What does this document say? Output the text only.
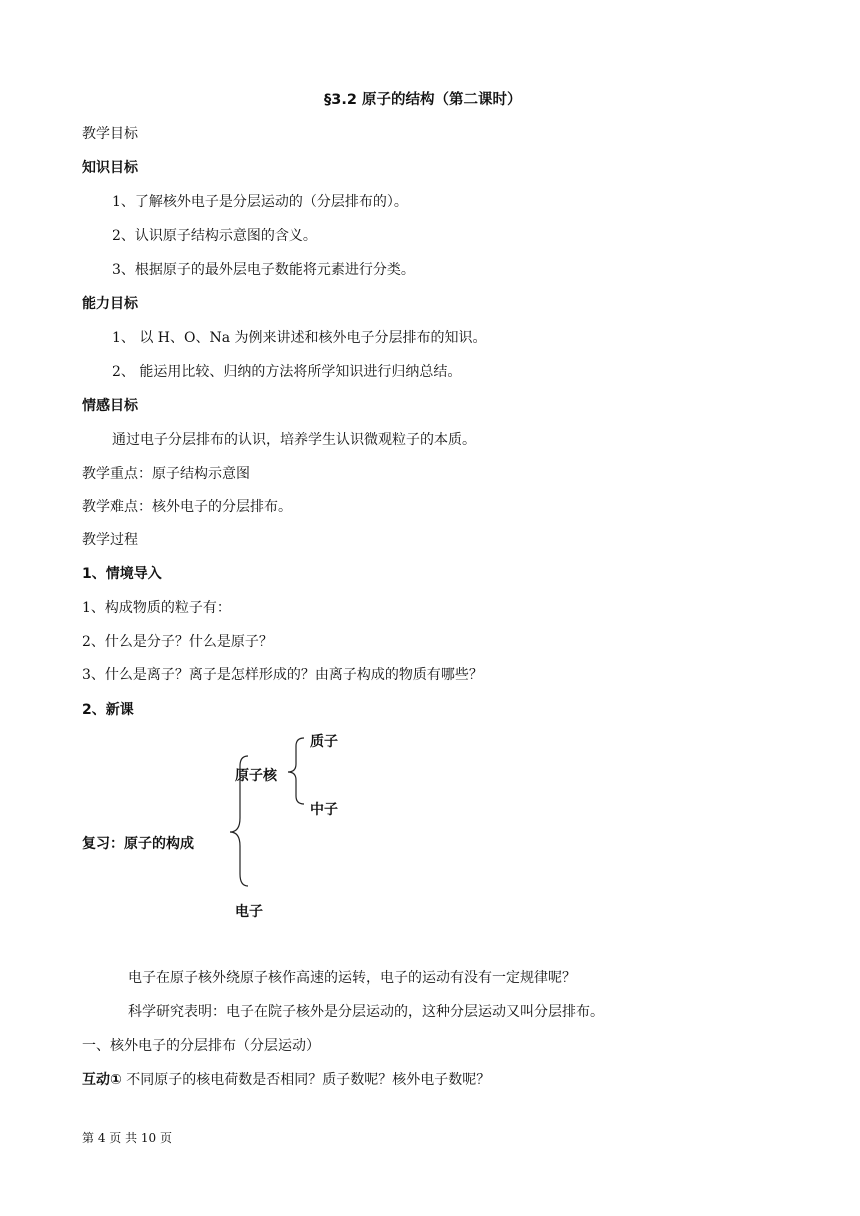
§3.2 原子的结构（第二课时）
教学目标
知识目标
1、了解核外电子是分层运动的（分层排布的）。
2、认识原子结构示意图的含义。
3、根据原子的最外层电子数能将元素进行分类。
能力目标
1、 以 H、O、Na 为例来讲述和核外电子分层排布的知识。
2、 能运用比较、归纳的方法将所学知识进行归纳总结。
情感目标
通过电子分层排布的认识，培养学生认识微观粒子的本质。
教学重点：原子结构示意图
教学难点：核外电子的分层排布。
教学过程
1、情境导入
1、构成物质的粒子有：
2、什么是分子？什么是原子？
3、什么是离子？离子是怎样形成的？由离子构成的物质有哪些？
2、新课
质子
原子核
中子
复习：原子的构成
电子
电子在原子核外绕原子核作高速的运转，电子的运动有没有一定规律呢？
科学研究表明：电子在院子核外是分层运动的，这种分层运动又叫分层排布。
一、核外电子的分层排布（分层运动）
互动① 不同原子的核电荷数是否相同？质子数呢？核外电子数呢？
第 4 页 共 10 页
